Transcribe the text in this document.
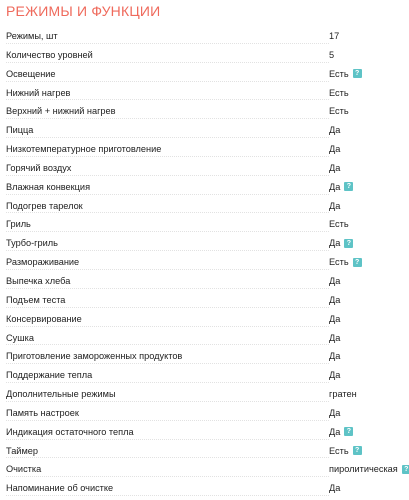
РЕЖИМЫ И ФУНКЦИИ
Режимы, шт	17
Количество уровней	5
Освещение	Есть ?
Нижний нагрев	Есть
Верхний + нижний нагрев	Есть
Пицца	Да
Низкотемпературное приготовление	Да
Горячий воздух	Да
Влажная конвекция	Да ?
Подогрев тарелок	Да
Гриль	Есть
Турбо-гриль	Да ?
Размораживание	Есть ?
Выпечка хлеба	Да
Подъем теста	Да
Консервирование	Да
Сушка	Да
Приготовление замороженных продуктов	Да
Поддержание тепла	Да
Дополнительные режимы	гратен
Память настроек	Да
Индикация остаточного тепла	Да ?
Таймер	Есть ?
Очистка	пиролитическая ?
Напоминание об очистке	Да
